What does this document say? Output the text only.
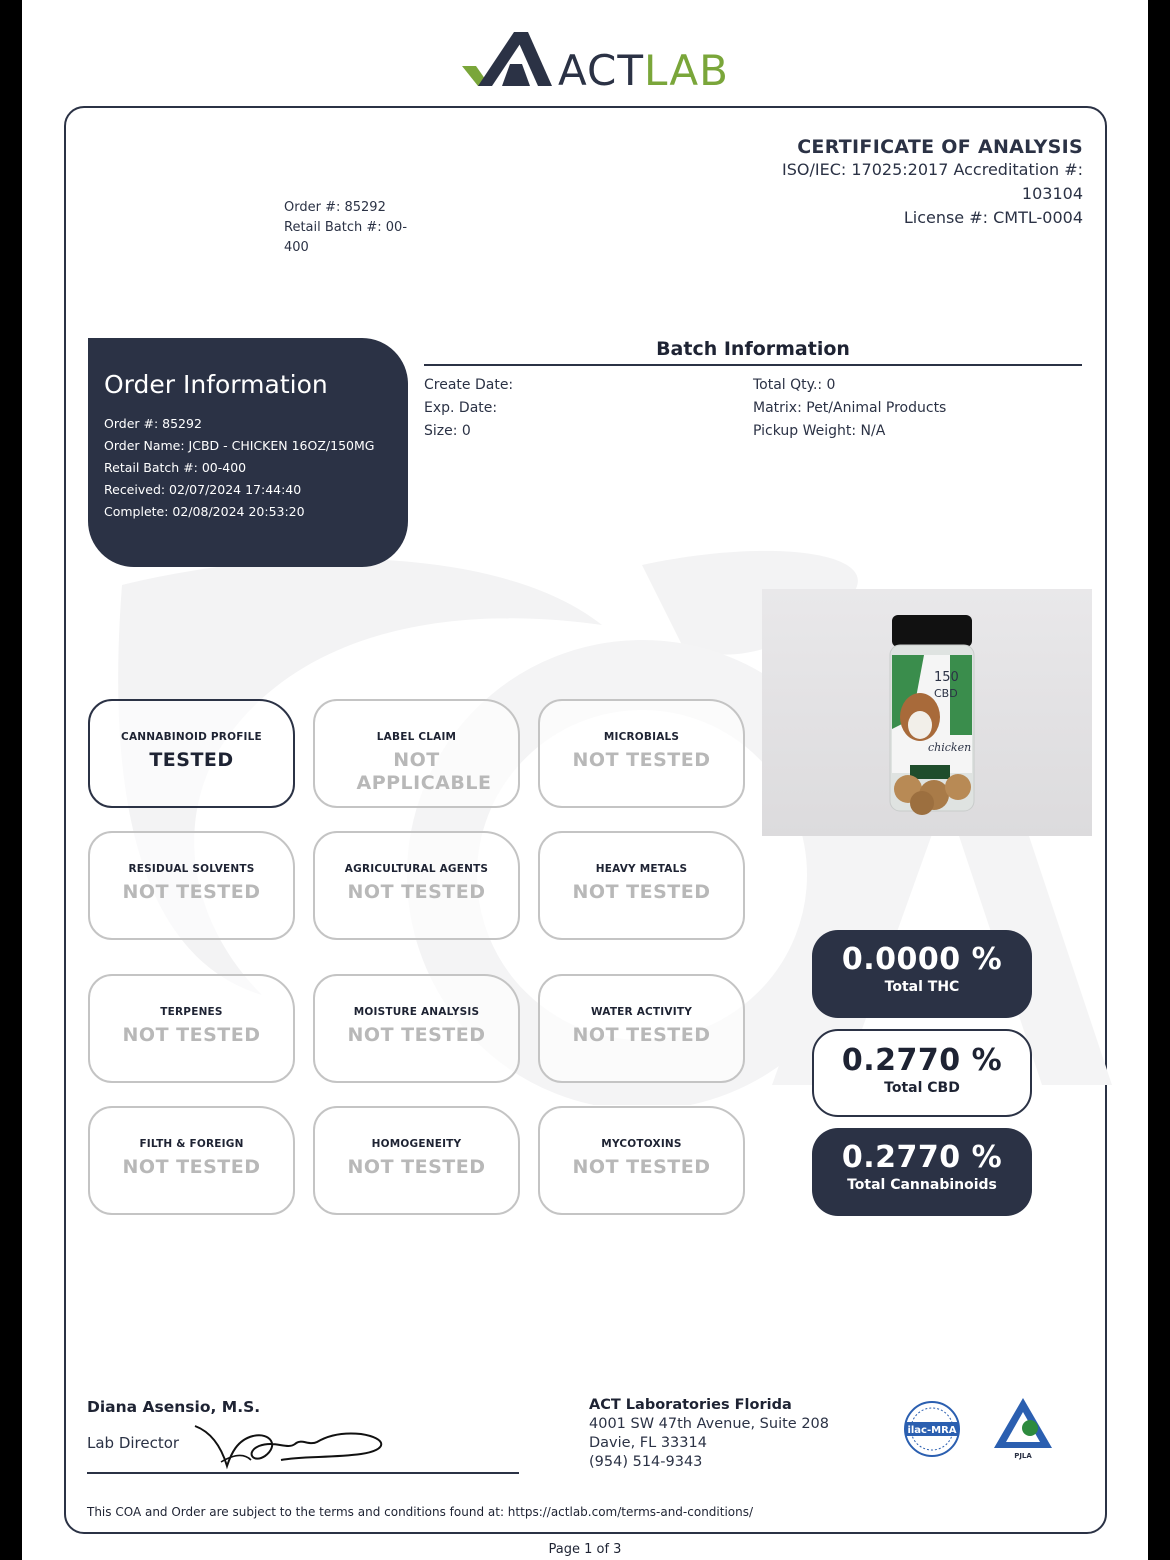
ACTLAB
CERTIFICATE OF ANALYSIS
ISO/IEC: 17025:2017 Accreditation #:
103104
License #: CMTL-0004
Order #: 85292
Retail Batch #: 00-
400
Order Information
Order #: 85292
Order Name: JCBD - CHICKEN 16OZ/150MG
Retail Batch #: 00-400
Received: 02/07/2024 17:44:40
Complete: 02/08/2024 20:53:20
Batch Information
Create Date:
Exp. Date:
Size: 0
Total Qty.: 0
Matrix: Pet/Animal Products
Pickup Weight: N/A
150
CBD
chicken
CANNABINOID PROFILE
TESTED
LABEL CLAIM
NOT APPLICABLE
MICROBIALS
NOT TESTED
RESIDUAL SOLVENTS
NOT TESTED
AGRICULTURAL AGENTS
NOT TESTED
HEAVY METALS
NOT TESTED
TERPENES
NOT TESTED
MOISTURE ANALYSIS
NOT TESTED
WATER ACTIVITY
NOT TESTED
FILTH & FOREIGN
NOT TESTED
HOMOGENEITY
NOT TESTED
MYCOTOXINS
NOT TESTED
0.0000 %
Total THC
0.2770 %
Total CBD
0.2770 %
Total Cannabinoids
Diana Asensio, M.S.
Lab Director
ACT Laboratories Florida
4001 SW 47th Avenue, Suite 208
Davie, FL 33314
(954) 514-9343
ilac-MRA
PJLA
This COA and Order are subject to the terms and conditions found at: https://actlab.com/terms-and-conditions/
Page 1 of 3
